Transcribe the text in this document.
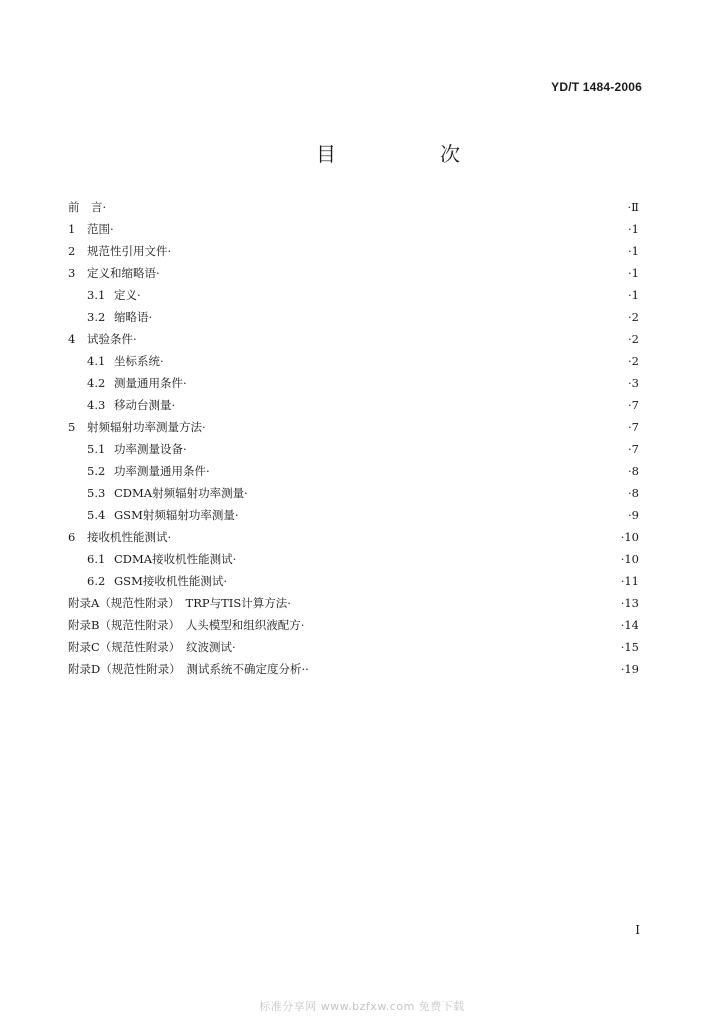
YD/T 1484-2006
目　次
前　言·	·Ⅱ
1	范围·	·1
2	规范性引用文件·	·1
3	定义和缩略语·	·1
3.1 定义·	·1
3.2 缩略语·	·2
4	试验条件·	·2
4.1 坐标系统·	·2
4.2 测量通用条件·	·3
4.3 移动台测量·	·7
5	射频辐射功率测量方法·	·7
5.1 功率测量设备·	·7
5.2 功率测量通用条件·	·8
5.3 CDMA射频辐射功率测量·	·8
5.4 GSM射频辐射功率测量·	·9
6	接收机性能测试·	·10
6.1 CDMA接收机性能测试·	·10
6.2 GSM接收机性能测试·	·11
附录A（规范性附录）　TRP与TIS计算方法·	·13
附录B（规范性附录）　人头模型和组织液配方·	·14
附录C（规范性附录）　纹波测试·	·15
附录D（规范性附录）　测试系统不确定度分析··	·19
I
标准分享网 www.bzfxw.com 免费下载
